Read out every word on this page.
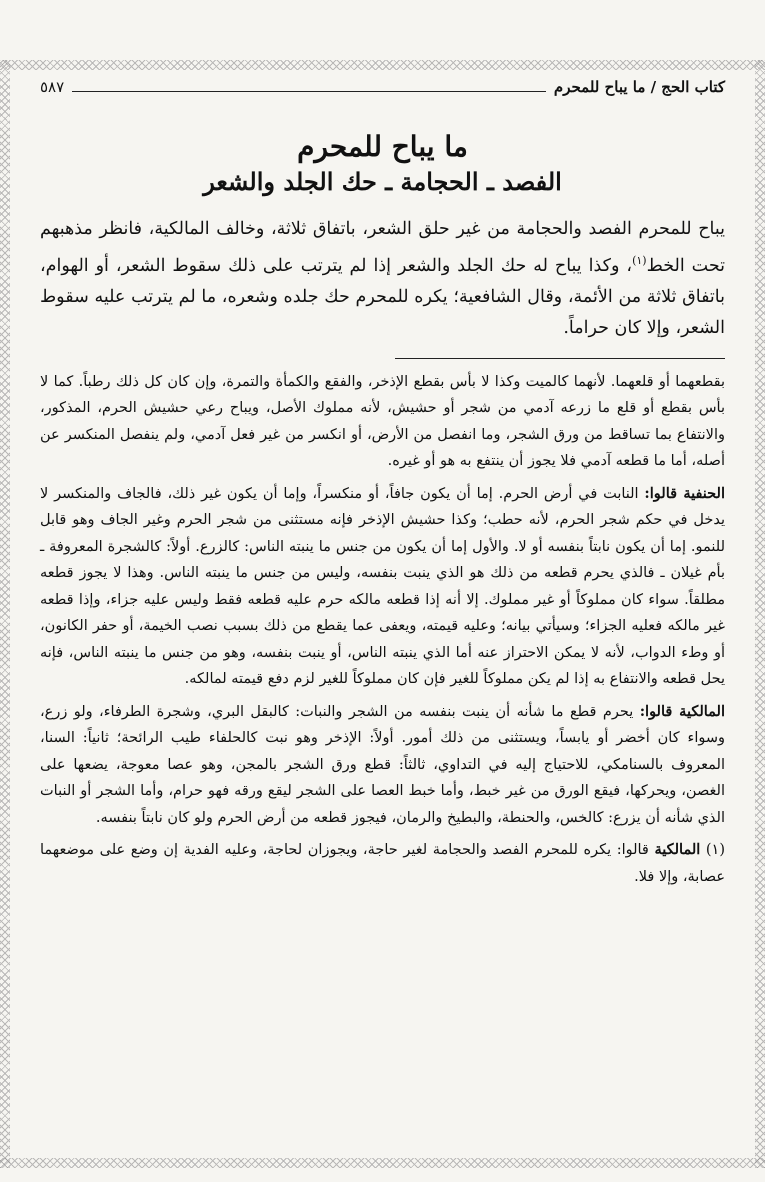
كتاب الحج / ما يباح للمحرم
٥٨٧
ما يباح للمحرم
الفصد ـ الحجامة ـ حك الجلد والشعر

يباح للمحرم الفصد والحجامة من غير حلق الشعر، باتفاق ثلاثة، وخالف المالكية، فانظر مذهبهم تحت الخط$^{(١)}$، وكذا يباح له حك الجلد والشعر إذا لم يترتب على ذلك سقوط الشعر، أو الهوام، باتفاق ثلاثة من الأئمة، وقال الشافعية؛ يكره للمحرم حك جلده وشعره، ما لم يترتب عليه سقوط الشعر، وإلا كان حراماً.

بقطعهما أو قلعهما. لأنهما كالميت وكذا لا بأس بقطع الإذخر، والفقع والكمأة والتمرة، وإن كان كل ذلك رطباً. كما لا بأس بقطع أو قلع ما زرعه آدمي من شجر أو حشيش، لأنه مملوك الأصل، ويباح رعي حشيش الحرم، المذكور، والانتفاع بما تساقط من ورق الشجر، وما انفصل من الأرض، أو انكسر من غير فعل آدمي، ولم ينفصل المنكسر عن أصله، أما ما قطعه آدمي فلا يجوز أن ينتفع به هو أو غيره.

الحنفية قالوا: النابت في أرض الحرم. إما أن يكون جافاً، أو منكسراً، وإما أن يكون غير ذلك، فالجاف والمنكسر لا يدخل في حكم شجر الحرم، لأنه حطب؛ وكذا حشيش الإذخر فإنه مستثنى من شجر الحرم وغير الجاف وهو قابل للنمو. إما أن يكون نابتاً بنفسه أو لا. والأول إما أن يكون من جنس ما ينبته الناس: كالزرع. أولاً: كالشجرة المعروفة ـ بأم غيلان ـ فالذي يحرم قطعه من ذلك هو الذي ينبت بنفسه، وليس من جنس ما ينبته الناس. وهذا لا يجوز قطعه مطلقاً. سواء كان مملوكاً أو غير مملوك. إلا أنه إذا قطعه مالكه حرم عليه قطعه فقط وليس عليه جزاء، وإذا قطعه غير مالكه فعليه الجزاء؛ وسيأتي بيانه؛ وعليه قيمته، ويعفى عما يقطع من ذلك بسبب نصب الخيمة، أو حفر الكانون، أو وطء الدواب، لأنه لا يمكن الاحتراز عنه أما الذي ينبته الناس، أو ينبت بنفسه، وهو من جنس ما ينبته الناس، فإنه يحل قطعه والانتفاع به إذا لم يكن مملوكاً للغير فإن كان مملوكاً للغير لزم دفع قيمته لمالكه.

المالكية قالوا: يحرم قطع ما شأنه أن ينبت بنفسه من الشجر والنبات: كالبقل البري، وشجرة الطرفاء، ولو زرع، وسواء كان أخضر أو يابساً، ويستثنى من ذلك أمور. أولاً: الإذخر وهو نبت كالحلفاء طيب الرائحة؛ ثانياً: السنا، المعروف بالسنامكي، للاحتياج إليه في التداوي، ثالثاً: قطع ورق الشجر بالمجن، وهو عصا معوجة، يضعها على الغصن، ويحركها، فيقع الورق من غير خبط، وأما خبط العصا على الشجر ليقع ورقه فهو حرام، وأما الشجر أو النبات الذي شأنه أن يزرع: كالخس، والحنطة، والبطيخ والرمان، فيجوز قطعه من أرض الحرم ولو كان نابتاً بنفسه.

(١) المالكية قالوا: يكره للمحرم الفصد والحجامة لغير حاجة، ويجوزان لحاجة، وعليه الفدية إن وضع على موضعهما عصابة، وإلا فلا.
